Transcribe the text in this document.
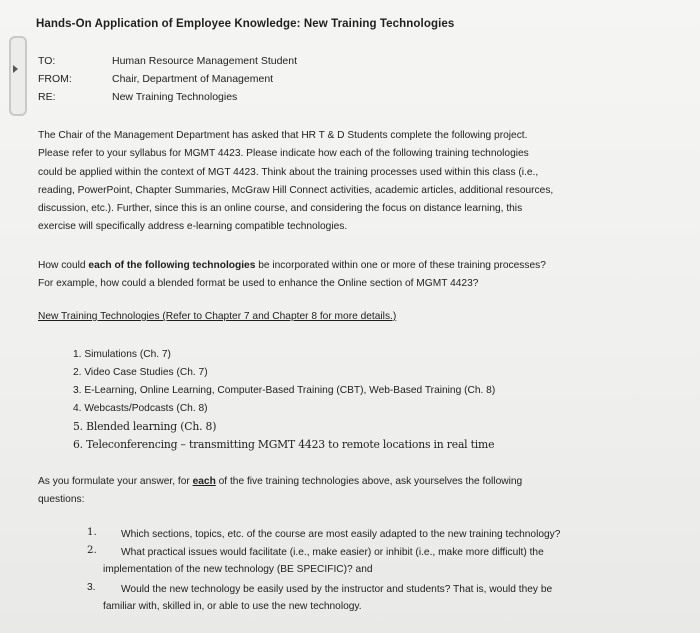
Hands-On Application of Employee Knowledge: New Training Technologies
TO:	Human Resource Management Student
FROM:	Chair, Department of Management
RE:	New Training Technologies
The Chair of the Management Department has asked that HR T & D Students complete the following project.
Please refer to your syllabus for MGMT 4423. Please indicate how each of the following training technologies
could be applied within the context of MGT 4423. Think about the training processes used within this class (i.e.,
reading, PowerPoint, Chapter Summaries, McGraw Hill Connect activities, academic articles, additional resources,
discussion, etc.). Further, since this is an online course, and considering the focus on distance learning, this
exercise will specifically address e-learning compatible technologies.
How could each of the following technologies be incorporated within one or more of these training processes?
For example, how could a blended format be used to enhance the Online section of MGMT 4423?
New Training Technologies (Refer to Chapter 7 and Chapter 8 for more details.)
1. Simulations (Ch. 7)
2. Video Case Studies (Ch. 7)
3. E-Learning, Online Learning, Computer-Based Training (CBT), Web-Based Training (Ch. 8)
4. Webcasts/Podcasts (Ch. 8)
5. Blended learning (Ch. 8)
6. Teleconferencing – transmitting MGMT 4423 to remote locations in real time
As you formulate your answer, for each of the five training technologies above, ask yourselves the following
questions:
1. Which sections, topics, etc. of the course are most easily adapted to the new training technology?
2. What practical issues would facilitate (i.e., make easier) or inhibit (i.e., make more difficult) the
implementation of the new technology (BE SPECIFIC)? and
3.	Would the new technology be easily used by the instructor and students? That is, would they be
familiar with, skilled in, or able to use the new technology.
